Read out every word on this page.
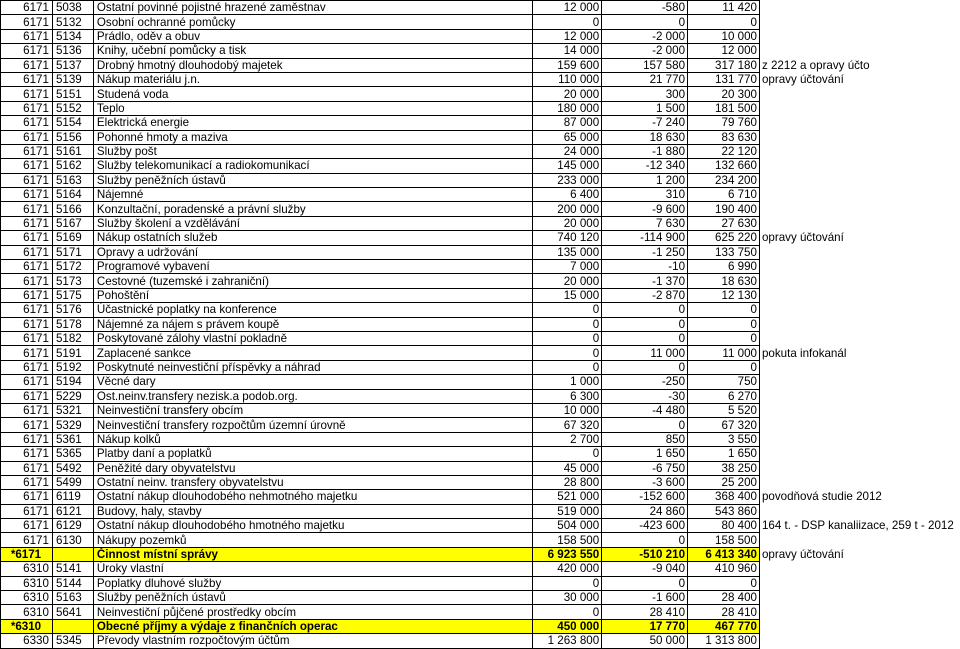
6171	5038	Ostatní povinné pojistné hrazené zaměstnav	12 000	-580	11 420	
6171	5132	Osobní ochranné pomůcky	0	0	0	
6171	5134	Prádlo, oděv a obuv	12 000	-2 000	10 000	
6171	5136	Knihy, učební pomůcky a tisk	14 000	-2 000	12 000	
6171	5137	Drobný hmotný dlouhodobý majetek	159 600	157 580	317 180	z 2212 a opravy účto
6171	5139	Nákup materiálu j.n.	110 000	21 770	131 770	opravy účtování
6171	5151	Studená voda	20 000	300	20 300	
6171	5152	Teplo	180 000	1 500	181 500	
6171	5154	Elektrická energie	87 000	-7 240	79 760	
6171	5156	Pohonné hmoty a maziva	65 000	18 630	83 630	
6171	5161	Služby pošt	24 000	-1 880	22 120	
6171	5162	Služby telekomunikací a radiokomunikací	145 000	-12 340	132 660	
6171	5163	Služby peněžních ústavů	233 000	1 200	234 200	
6171	5164	Nájemné	6 400	310	6 710	
6171	5166	Konzultační, poradenské a právní služby	200 000	-9 600	190 400	
6171	5167	Služby školení a vzdělávání	20 000	7 630	27 630	
6171	5169	Nákup ostatních služeb	740 120	-114 900	625 220	opravy účtování
6171	5171	Opravy a udržování	135 000	-1 250	133 750	
6171	5172	Programové vybavení	7 000	-10	6 990	
6171	5173	Cestovné (tuzemské i zahraniční)	20 000	-1 370	18 630	
6171	5175	Pohoštění	15 000	-2 870	12 130	
6171	5176	Účastnické poplatky na konference	0	0	0	
6171	5178	Nájemné za nájem s právem koupě	0	0	0	
6171	5182	Poskytované zálohy vlastní pokladně	0	0	0	
6171	5191	Zaplacené sankce	0	11 000	11 000	pokuta infokanál
6171	5192	Poskytnuté neinvestiční příspěvky a náhrad	0	0	0	
6171	5194	Věcné dary	1 000	-250	750	
6171	5229	Ost.neinv.transfery nezisk.a podob.org.	6 300	-30	6 270	
6171	5321	Neinvestiční transfery obcím	10 000	-4 480	5 520	
6171	5329	Neinvestiční transfery rozpočtům územní úrovně	67 320	0	67 320	
6171	5361	Nákup kolků	2 700	850	3 550	
6171	5365	Platby daní a poplatků	0	1 650	1 650	
6171	5492	Peněžité dary obyvatelstvu	45 000	-6 750	38 250	
6171	5499	Ostatní neinv. transfery obyvatelstvu	28 800	-3 600	25 200	
6171	6119	Ostatní nákup dlouhodobého nehmotného majetku	521 000	-152 600	368 400	povodňová studie 2012
6171	6121	Budovy, haly, stavby	519 000	24 860	543 860	
6171	6129	Ostatní nákup dlouhodobého hmotného majetku	504 000	-423 600	80 400	164 t. - DSP kanaliizace, 259 t - 2012
6171	6130	Nákupy pozemků	158 500	0	158 500	
*6171		Činnost místní správy	6 923 550	-510 210	6 413 340	opravy účtování
6310	5141	Úroky vlastní	420 000	-9 040	410 960	
6310	5144	Poplatky dluhové služby	0	0	0	
6310	5163	Služby peněžních ústavů	30 000	-1 600	28 400	
6310	5641	Neinvestiční půjčené prostředky obcím	0	28 410	28 410	
*6310		Obecné příjmy a výdaje z finančních operac	450 000	17 770	467 770	
6330	5345	Převody vlastním rozpočtovým účtům	1 263 800	50 000	1 313 800	
